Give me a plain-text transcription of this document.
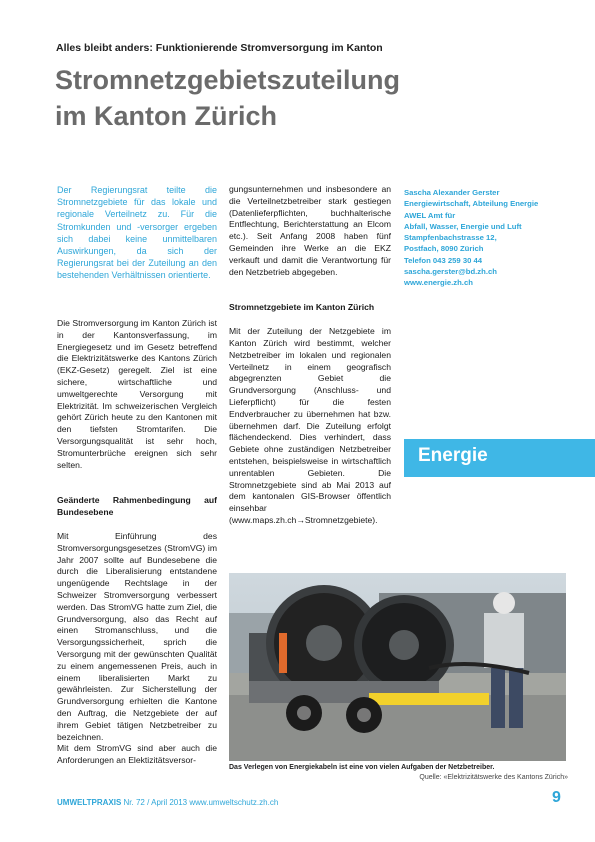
Alles bleibt anders: Funktionierende Stromversorgung im Kanton
Stromnetzgebietszuteilung
im Kanton Zürich
Der Regierungsrat teilte die Stromnetzgebiete für das lokale und regionale Verteilnetz zu. Für die Stromkunden und -versorger ergeben sich dabei keine unmittelbaren Auswirkungen, da sich der Regierungsrat bei der Zuteilung an den bestehenden Verhältnissen orientierte.

Die Stromversorgung im Kanton Zürich ist in der Kantonsverfassung, im Energiegesetz und im Gesetz betreffend die Elektrizitätswerke des Kantons Zürich (EKZ-Gesetz) geregelt. Ziel ist eine sichere, wirtschaftliche und umweltgerechte Versorgung mit Elektrizität. Im schweizerischen Vergleich gehört Zürich heute zu den Kantonen mit den tiefsten Stromtarifen. Die Versorgungsqualität ist sehr hoch, Stromunterbrüche ereignen sich sehr selten.

Geänderte Rahmenbedingung auf Bundesebene

Mit Einführung des Stromversorgungsgesetzes (StromVG) im Jahr 2007 sollte auf Bundesebene die durch die Liberalisierung entstandene ungenügende Rechtslage in der Schweizer Stromversorgung verbessert werden. Das StromVG hatte zum Ziel, die Grundversorgung, also das Recht auf einen Stromanschluss, und die Versorgungssicherheit, sprich die Versorgung mit der gewünschten Qualität zu einem angemessenen Preis, auch in einem liberalisierten Markt zu gewährleisten. Zur Sicherstellung der Grundversorgung erhielten die Kantone den Auftrag, die Netzgebiete der auf ihrem Gebiet tätigen Netzbetreiber zu bezeichnen.

Mit dem StromVG sind aber auch die Anforderungen an Elektizitätsversor-

gungsunternehmen und insbesondere an die Verteilnetzbetreiber stark gestiegen (Datenlieferpflichten, buchhalterische Entflechtung, Berichterstattung an Elcom etc.). Seit Anfang 2008 haben fünf Gemeinden ihre Werke an die EKZ verkauft und damit die Verantwortung für den Netzbetrieb abgegeben.

Stromnetzgebiete im Kanton Zürich

Mit der Zuteilung der Netzgebiete im Kanton Zürich wird bestimmt, welcher Netzbetreiber im lokalen und regionalen Verteilnetz in einem geografisch abgegrenzten Gebiet die Grundversorgung (Anschluss- und Lieferpflicht) für die festen Endverbraucher zu übernehmen hat bzw. übernehmen darf. Die Zuteilung erfolgt flächendeckend. Dies verhindert, dass Gebiete ohne zuständigen Netzbetreiber entstehen, beispielsweise in wirtschaftlich unrentablen Gebieten. Die Stromnetzgebiete sind ab Mai 2013 auf dem kantonalen GIS-Browser öffentlich einsehbar (www.maps.zh.ch→Stromnetzgebiete).

Sascha Alexander Gerster
Energiewirtschaft, Abteilung Energie
AWEL Amt für
Abfall, Wasser, Energie und Luft
Stampfenbachstrasse 12,
Postfach, 8090 Zürich
Telefon 043 259 30 44
sascha.gerster@bd.zh.ch
www.energie.zh.ch
Energie
Das Verlegen von Energiekabeln ist eine von vielen Aufgaben der Netzbetreiber.
Quelle: «Elektrizitätswerke des Kantons Zürich»
UMWELTPRAXIS Nr. 72 / April 2013 www.umweltschutz.zh.ch	9
